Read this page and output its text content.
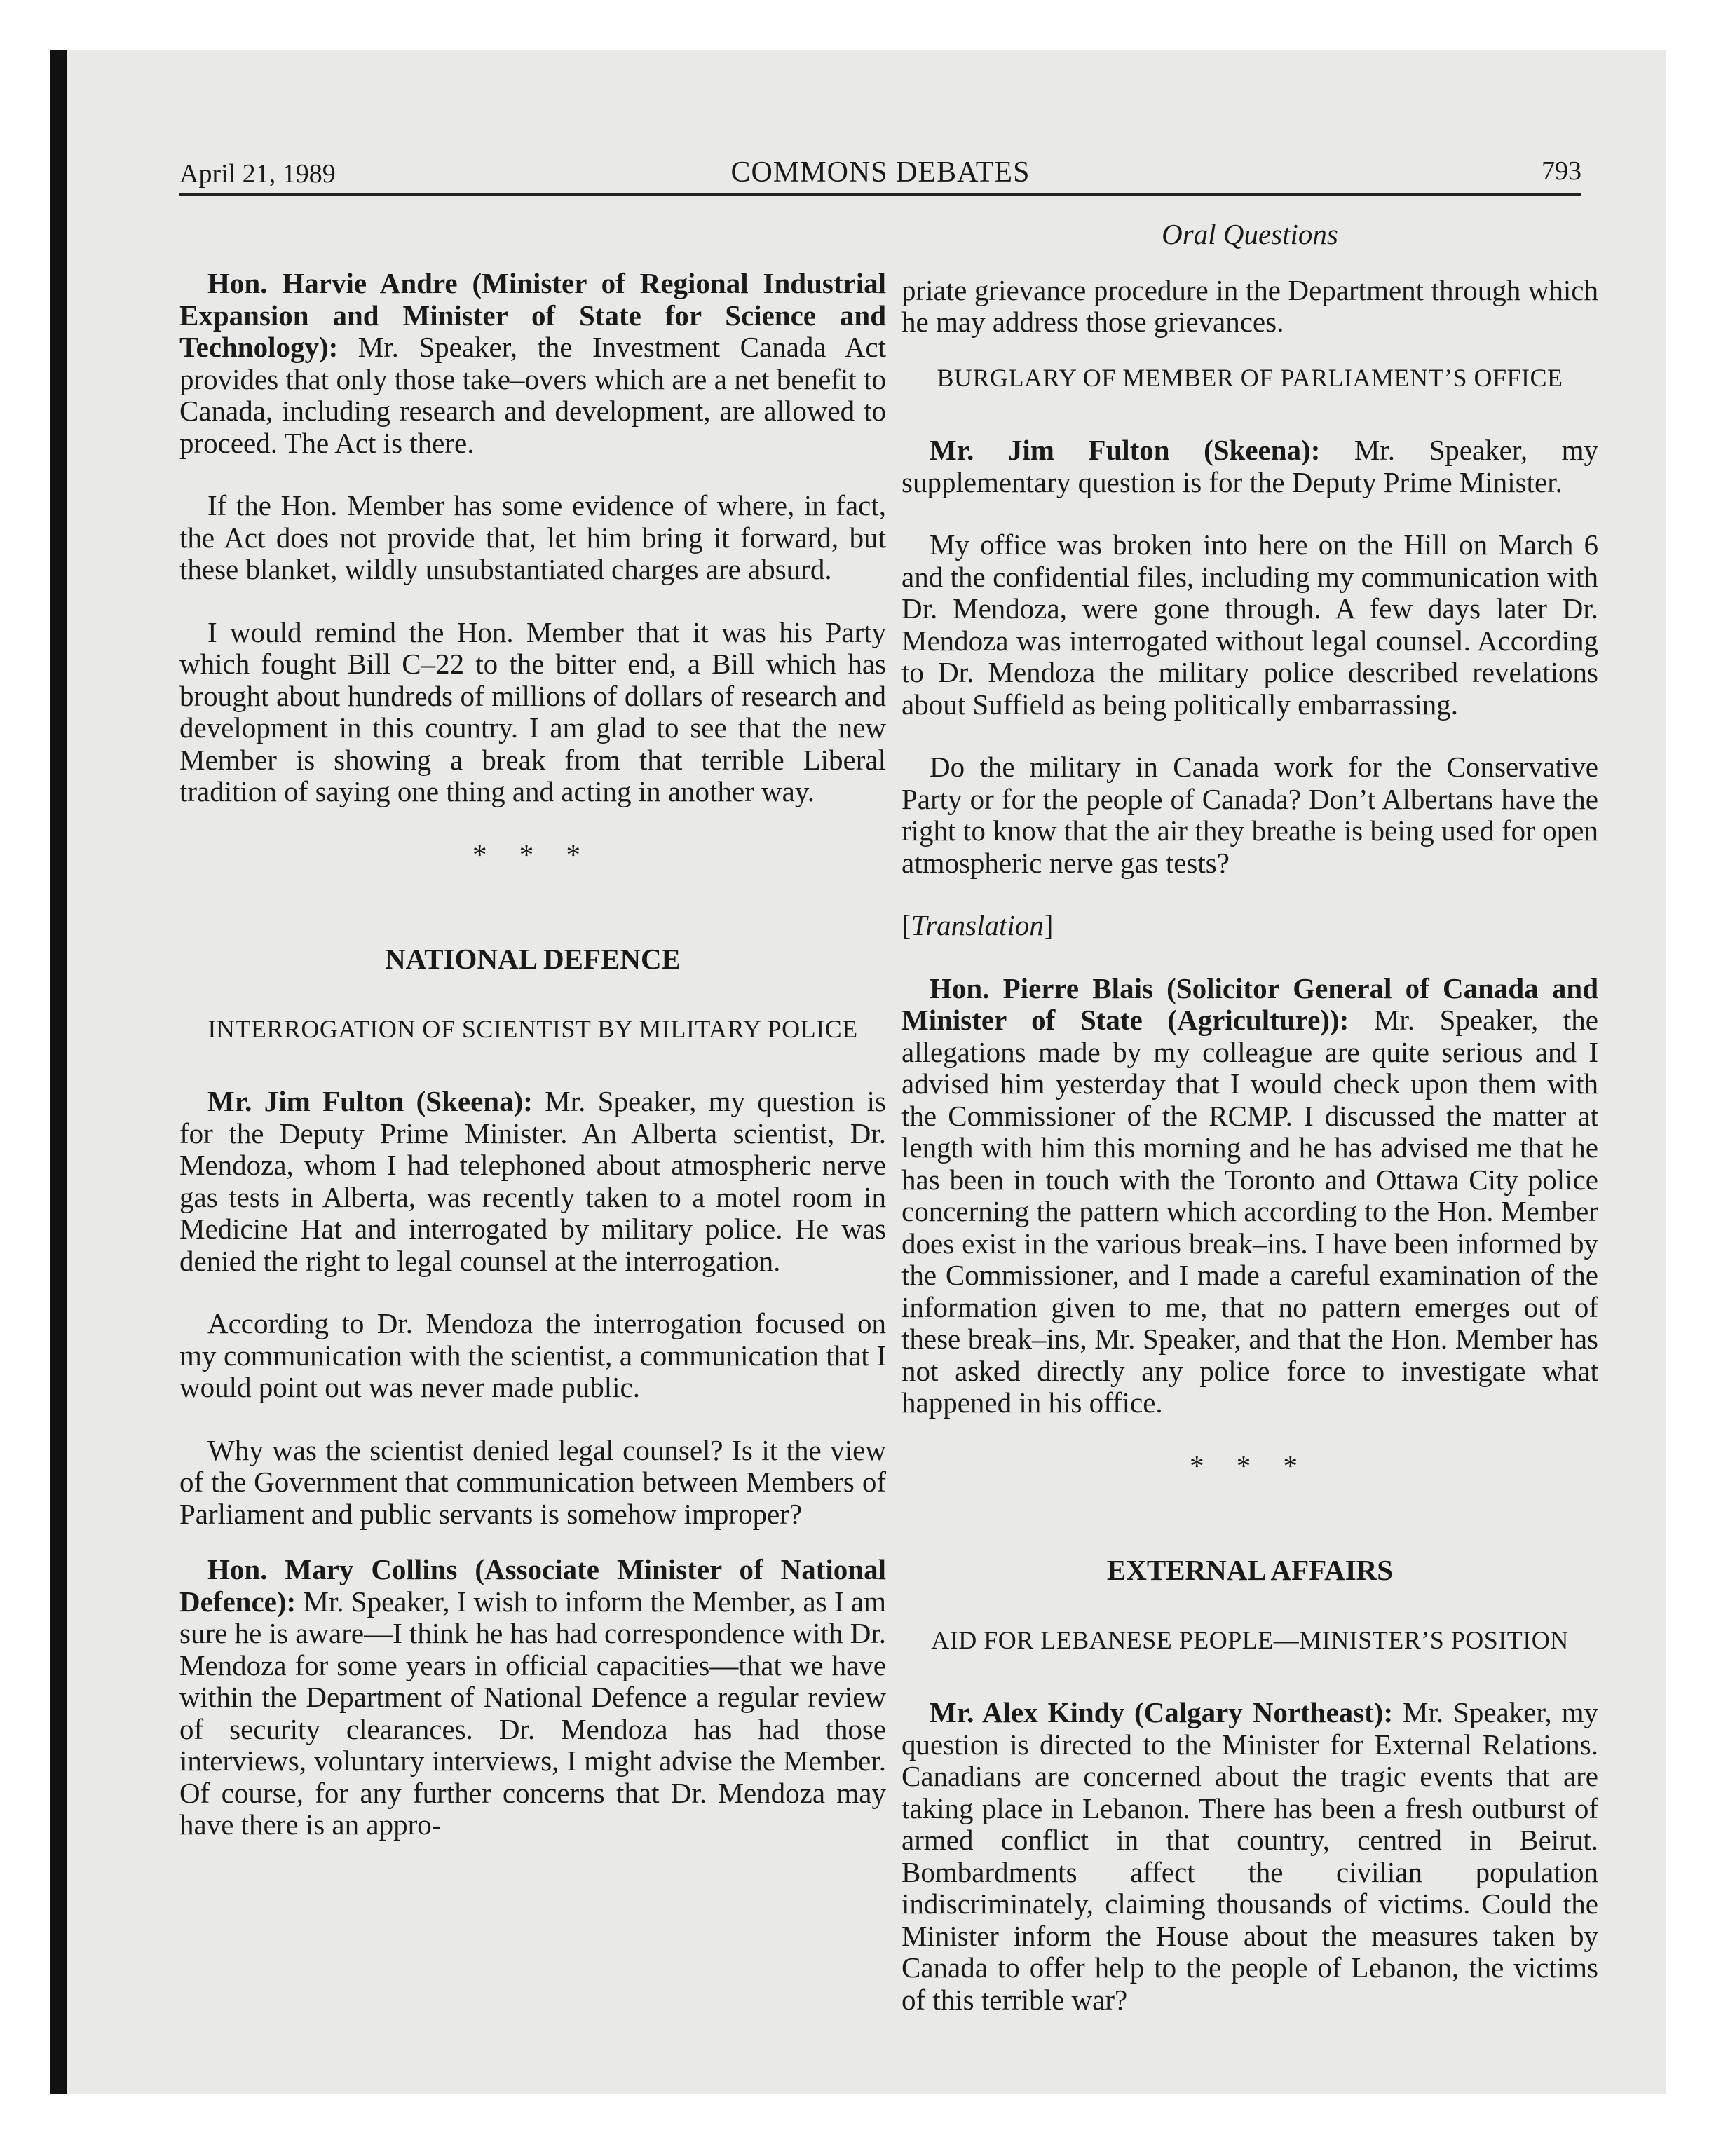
April 21, 1989	COMMONS DEBATES	793

Hon. Harvie Andre (Minister of Regional Industrial Expansion and Minister of State for Science and Technology): Mr. Speaker, the Investment Canada Act provides that only those take–overs which are a net benefit to Canada, including research and development, are allowed to proceed. The Act is there.

If the Hon. Member has some evidence of where, in fact, the Act does not provide that, let him bring it forward, but these blanket, wildly unsubstantiated charges are absurd.

I would remind the Hon. Member that it was his Party which fought Bill C–22 to the bitter end, a Bill which has brought about hundreds of millions of dollars of research and development in this country. I am glad to see that the new Member is showing a break from that terrible Liberal tradition of saying one thing and acting in another way.

* * *
NATIONAL DEFENCE
INTERROGATION OF SCIENTIST BY MILITARY POLICE

Mr. Jim Fulton (Skeena): Mr. Speaker, my question is for the Deputy Prime Minister. An Alberta scientist, Dr. Mendoza, whom I had telephoned about atmospheric nerve gas tests in Alberta, was recently taken to a motel room in Medicine Hat and interrogated by military police. He was denied the right to legal counsel at the interrogation.

According to Dr. Mendoza the interrogation focused on my communication with the scientist, a communication that I would point out was never made public.

Why was the scientist denied legal counsel? Is it the view of the Government that communication between Members of Parliament and public servants is somehow improper?

Hon. Mary Collins (Associate Minister of National Defence): Mr. Speaker, I wish to inform the Member, as I am sure he is aware—I think he has had correspondence with Dr. Mendoza for some years in official capacities—that we have within the Department of National Defence a regular review of security clearances. Dr. Mendoza has had those interviews, voluntary interviews, I might advise the Member. Of course, for any further concerns that Dr. Mendoza may have there is an appro-

Oral Questions

priate grievance procedure in the Department through which he may address those grievances.

BURGLARY OF MEMBER OF PARLIAMENT’S OFFICE

Mr. Jim Fulton (Skeena): Mr. Speaker, my supplementary question is for the Deputy Prime Minister.

My office was broken into here on the Hill on March 6 and the confidential files, including my communication with Dr. Mendoza, were gone through. A few days later Dr. Mendoza was interrogated without legal counsel. According to Dr. Mendoza the military police described revelations about Suffield as being politically embarrassing.

Do the military in Canada work for the Conservative Party or for the people of Canada? Don’t Albertans have the right to know that the air they breathe is being used for open atmospheric nerve gas tests?

[Translation]

Hon. Pierre Blais (Solicitor General of Canada and Minister of State (Agriculture)): Mr. Speaker, the allegations made by my colleague are quite serious and I advised him yesterday that I would check upon them with the Commissioner of the RCMP. I discussed the matter at length with him this morning and he has advised me that he has been in touch with the Toronto and Ottawa City police concerning the pattern which according to the Hon. Member does exist in the various break–ins. I have been informed by the Commissioner, and I made a careful examination of the information given to me, that no pattern emerges out of these break–ins, Mr. Speaker, and that the Hon. Member has not asked directly any police force to investigate what happened in his office.

* * *
EXTERNAL AFFAIRS
AID FOR LEBANESE PEOPLE—MINISTER’S POSITION

Mr. Alex Kindy (Calgary Northeast): Mr. Speaker, my question is directed to the Minister for External Relations. Canadians are concerned about the tragic events that are taking place in Lebanon. There has been a fresh outburst of armed conflict in that country, centred in Beirut. Bombardments affect the civilian population indiscriminately, claiming thousands of victims. Could the Minister inform the House about the measures taken by Canada to offer help to the people of Lebanon, the victims of this terrible war?
